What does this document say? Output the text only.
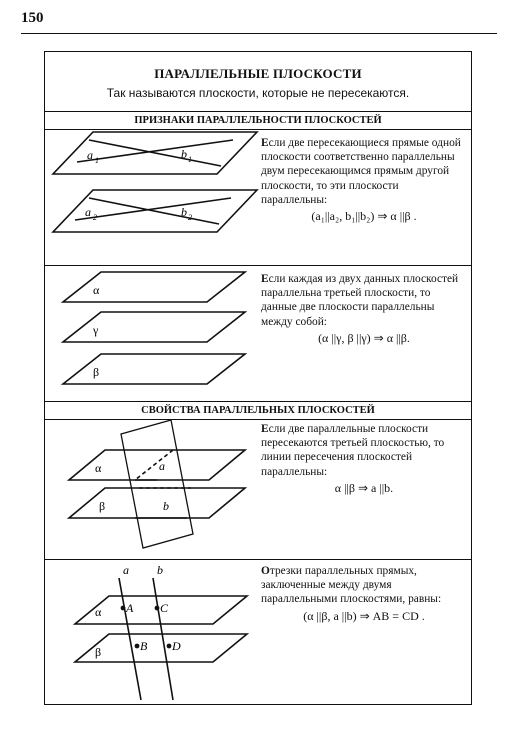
150
ПАРАЛЛЕЛЬНЫЕ ПЛОСКОСТИ
Так называются плоскости, которые не пересекаются.
ПРИЗНАКИ ПАРАЛЛЕЛЬНОСТИ ПЛОСКОСТЕЙ
a 1	b 1
a 2	b 2
Если две пересекающиеся прямые одной плоскости соответственно параллельны двум пересекающимся прямым другой плоскости, то эти плоскости параллельны:
(a₁||a₂, b₁||b₂) ⇒ α ||β .
α
γ
β
Если каждая из двух данных плоскостей параллельна третьей плоскости, то данные две плоскости параллельны между собой:
(α ||γ, β ||γ) ⇒ α ||β.
СВОЙСТВА ПАРАЛЛЕЛЬНЫХ ПЛОСКОСТЕЙ
α	a
β	b
Если две параллельные плоскости пересекаются третьей плоскостью, то линии пересечения плоскостей параллельны:
α ||β ⇒ a ||b.
a b
α
β
A C
B D
Отрезки параллельных прямых, заключенные между двумя параллельными плоскостями, равны:
(α ||β, a ||b) ⇒ AB = CD .
